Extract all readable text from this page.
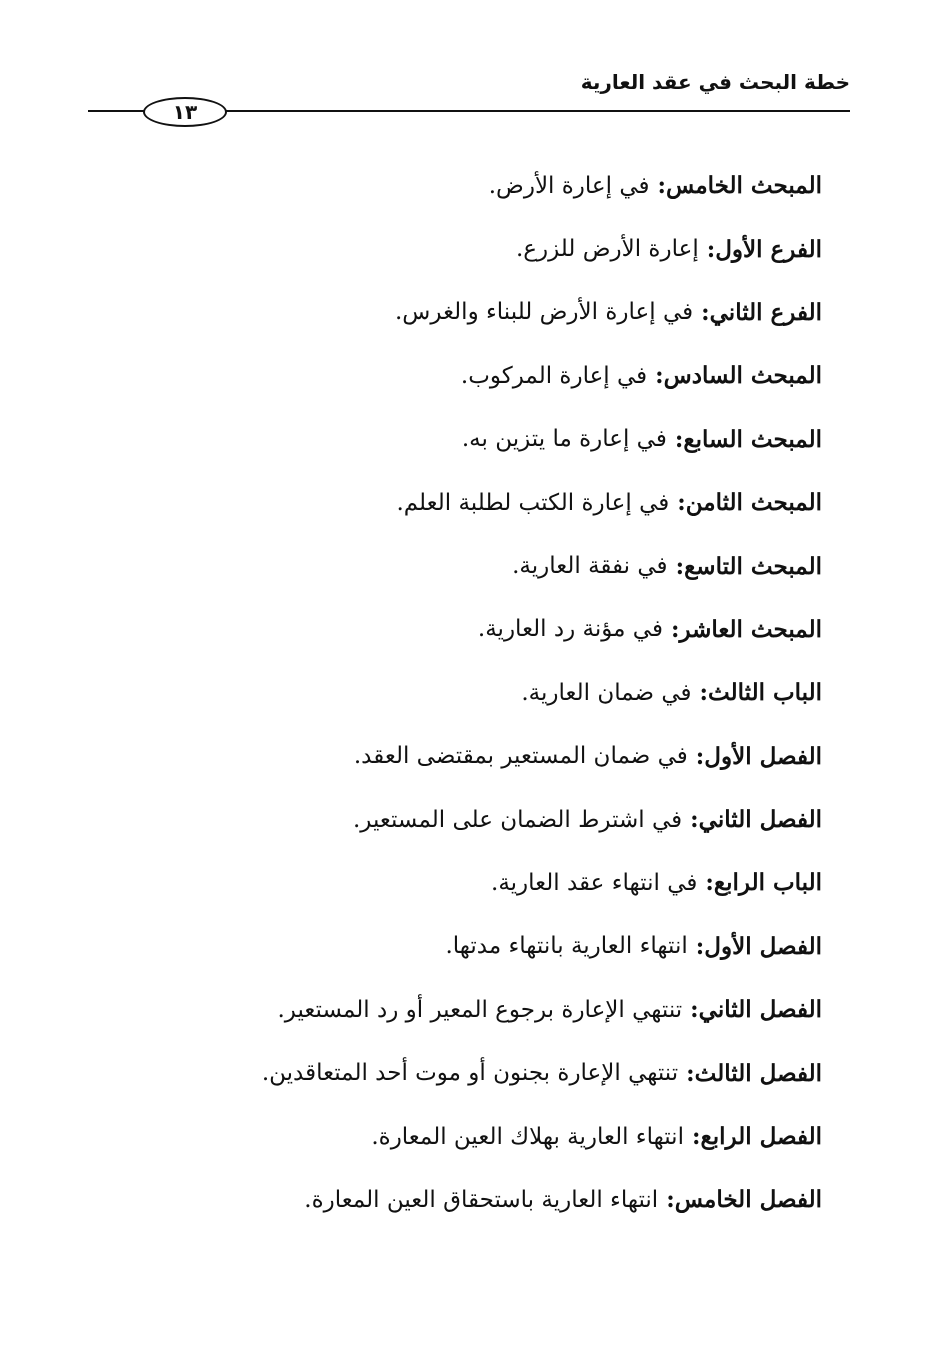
خطة البحث في عقد العارية
١٣
المبحث الخامس
:
في إعارة الأرض.
الفرع الأول
:
إعارة الأرض للزرع.
الفرع الثاني
:
في إعارة الأرض للبناء والغرس.
المبحث السادس
:
في إعارة المركوب.
المبحث السابع
:
في إعارة ما يتزين به.
المبحث الثامن
:
في إعارة الكتب لطلبة العلم.
المبحث التاسع
:
في نفقة العارية.
المبحث العاشر
:
في مؤنة رد العارية.
الباب الثالث
:
في ضمان العارية.
الفصل الأول
:
في ضمان المستعير بمقتضى العقد.
الفصل الثاني
:
في اشترط الضمان على المستعير.
الباب الرابع
:
في انتهاء عقد العارية.
الفصل الأول
:
انتهاء العارية بانتهاء مدتها.
الفصل الثاني
:
تنتهي الإعارة برجوع المعير أو رد المستعير.
الفصل الثالث
:
تنتهي الإعارة بجنون أو موت أحد المتعاقدين.
الفصل الرابع
:
انتهاء العارية بهلاك العين المعارة.
الفصل الخامس
:
انتهاء العارية باستحقاق العين المعارة.
